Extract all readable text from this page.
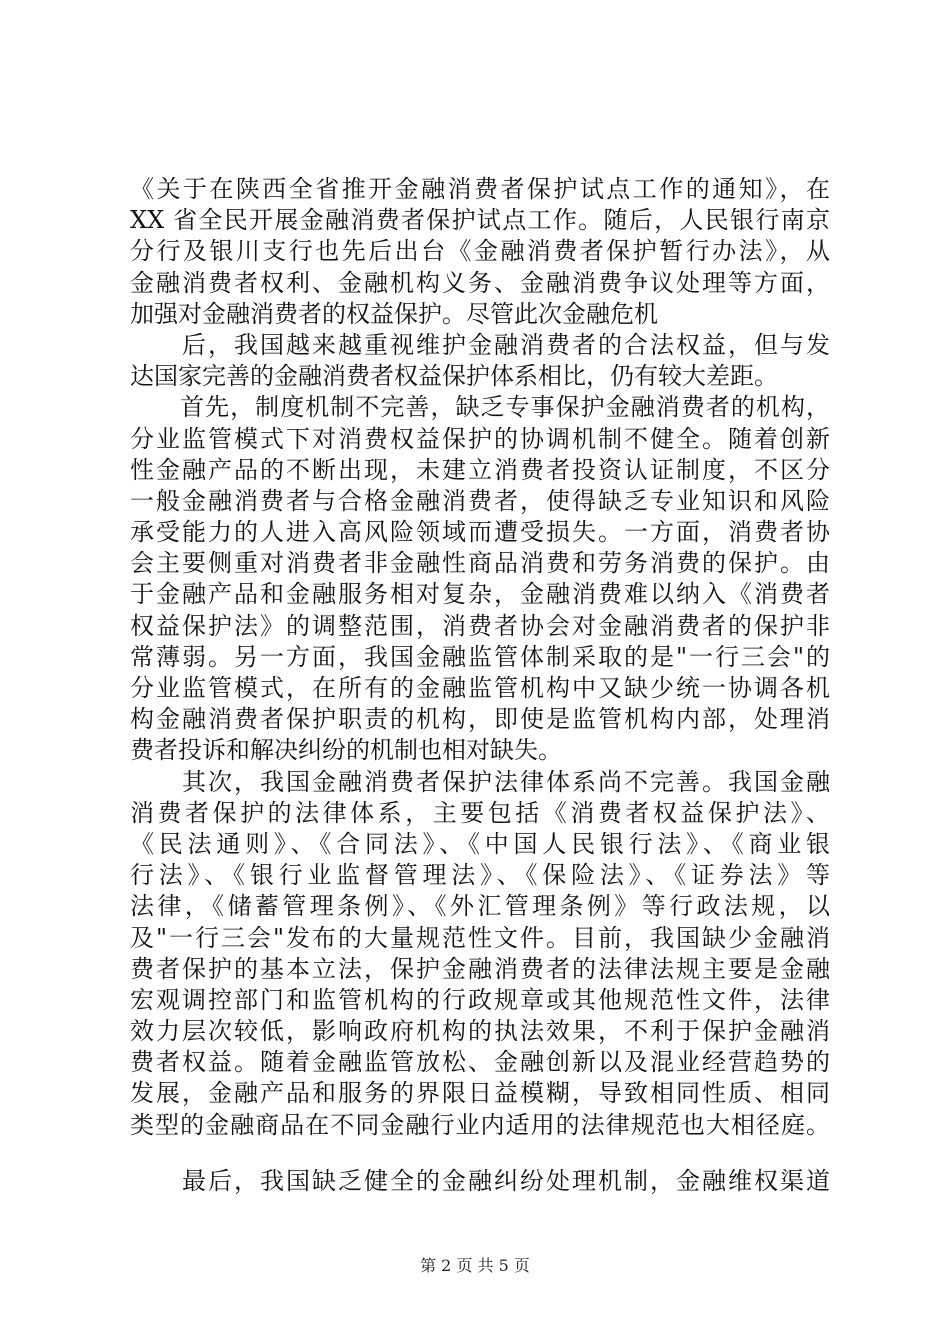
《关于在陕西全省推开金融消费者保护试点工作的通知》，在
XX 省全民开展金融消费者保护试点工作。随后，人民银行南京
分行及银川支行也先后出台《金融消费者保护暂行办法》，从
金融消费者权利、金融机构义务、金融消费争议处理等方面，
加强对金融消费者的权益保护。尽管此次金融危机
　　后，我国越来越重视维护金融消费者的合法权益，但与发
达国家完善的金融消费者权益保护体系相比，仍有较大差距。
　　首先，制度机制不完善，缺乏专事保护金融消费者的机构，
分业监管模式下对消费权益保护的协调机制不健全。随着创新
性金融产品的不断出现，未建立消费者投资认证制度，不区分
一般金融消费者与合格金融消费者，使得缺乏专业知识和风险
承受能力的人进入高风险领域而遭受损失。一方面，消费者协
会主要侧重对消费者非金融性商品消费和劳务消费的保护。由
于金融产品和金融服务相对复杂，金融消费难以纳入《消费者
权益保护法》的调整范围，消费者协会对金融消费者的保护非
常薄弱。另一方面，我国金融监管体制采取的是"一行三会"的
分业监管模式，在所有的金融监管机构中又缺少统一协调各机
构金融消费者保护职责的机构，即使是监管机构内部，处理消
费者投诉和解决纠纷的机制也相对缺失。
　　其次，我国金融消费者保护法律体系尚不完善。我国金融
消费者保护的法律体系，主要包括《消费者权益保护法》、
《民法通则》、《合同法》、《中国人民银行法》、《商业银
行法》、《银行业监督管理法》、《保险法》、《证券法》等
法律，《储蓄管理条例》、《外汇管理条例》等行政法规，以
及"一行三会"发布的大量规范性文件。目前，我国缺少金融消
费者保护的基本立法，保护金融消费者的法律法规主要是金融
宏观调控部门和监管机构的行政规章或其他规范性文件，法律
效力层次较低，影响政府机构的执法效果，不利于保护金融消
费者权益。随着金融监管放松、金融创新以及混业经营趋势的
发展，金融产品和服务的界限日益模糊，导致相同性质、相同
类型的金融商品在不同金融行业内适用的法律规范也大相径庭。
　　最后，我国缺乏健全的金融纠纷处理机制，金融维权渠道
第 2 页 共 5 页
